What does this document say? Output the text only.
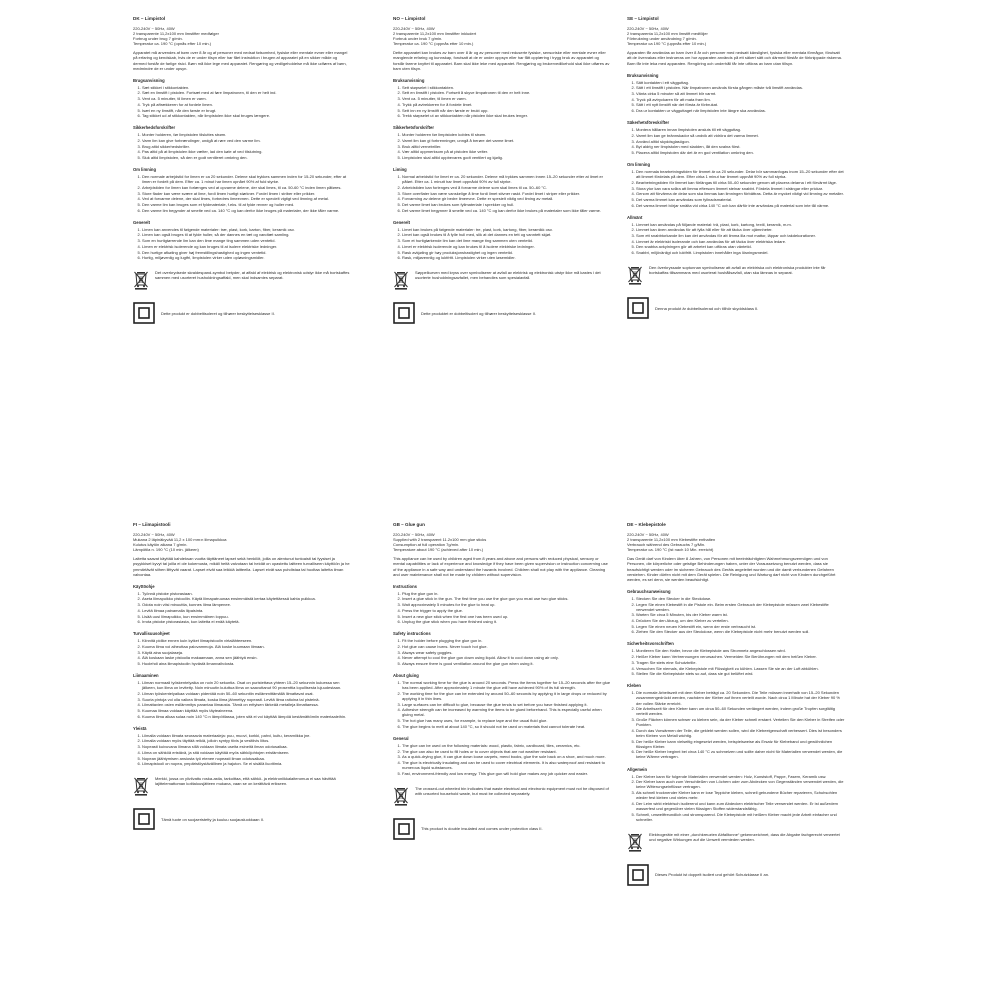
DK – Limpistol
220-240V ~ 50Hz, 40W
2 transparente 11,2x100 mm limstifter medfølger
Forbrug under brug 7 g/min.
Temperatur ca. 190 °C (opnås efter 10 min.)

Apparatet må anvendes af børn over 8 år og af personer med nedsat følsomhed, fysiske eller mentale evner eller mangel på erfaring og kendskab, hvis de er under tilsyn eller har fået instruktion i brugen af apparatet på en sikker måde og dermed forstår de farlige risici. Børn må ikke lege med apparatet. Rengøring og vedligeholdelse må ikke udføres af børn, medmindre de er under opsyn.

Brugsanvisning
1. Sæt stikket i stikkontakten.
2. Sæt en limstift i pistolen. Fortsæt med at føre limpatronen, til den er helt ind.
3. Vent ca. 5 minutter, til limen er varm.
4. Tryk på aftrækkeren for at fordele limen.
5. Isæt en ny limstift, når den første er brugt.
6. Tag stikket ud af stikkontakten, når limpistolen ikke skal bruges længere.
Sikkerhedsforskrifter
1. Monter holderen, før limpistolen tilsluttes strøm.
2. Varm lim kan give forbrændinger, undgå at røre ved den varme lim.
3. Brug altid sikkerhedsbriller.
4. Pas altid på at limpistolen ikke vælter, lad den køle af ved tilslutning.
5. Sluk altid limpistolen, så den er godt ventileret omkring den.
Om limning
1. Den normale arbejdstid for limen er ca 20 sekunder. Delene skal trykkes sammen inden for 15-20 sekunder, efter at limen er fordelt på dem. Efter ca. 1 minut har limen opnået 90% af fuld styrke.
2. Arbejdstiden for limen kan forlænges ved at opvarme delene, der skal limes, til ca. 50-60 °C inden limen påføres.
3. Store flader kan være svære at lime, fordi limen hurtigt størkner. Fordel limen i striber eller prikker.
4. Ved at forvarme delene, der skal limes, forbedres limeevnen. Dette er specielt vigtigt ved limning af metal.
5. Den varme lim kan bruges som et fyldmateriale, f.eks. til at fylde revner og huller med.
6. Den varme lim begynder at smelte ved ca. 140 °C og kan derfor ikke bruges på materialer, der ikke tåler varme.
Generelt
1. Limen kan anvendes til følgende materialer: træ, plast, kork, karton, fiber, keramik osv.
2. Limen kan også bruges til at fylde huller, så der dannes en tæt og vandtæt samling.
3. Som en hurtigtørrende lim kan den lime mange ting sammen uden ventetid.
4. Limen er elektrisk isolerende og kan bruges til at isolere elektriske ledninger.
5. Den hurtige afkøling giver høj fremstillingshastighed og ingen ventetid.
6. Hurtig, miljøvenlig og lugtfri, limpistolen virker uden opløsningsmidler.
Det overkrydsede skraldespand-symbol betyder, at affald af elektrisk og elektronisk udstyr ikke må bortskaffes sammen med usorteret husholdningsaffald, men skal indsamles separat.
Dette produkt er dobbeltisoleret og tilhører beskyttelsesklasse II.
NO – Limpistol
220-240V ~ 50Hz, 40W
2 transparente 11,2x100 mm limstifter inkludert
Forbruk under bruk 7 g/min.
Temperatur ca. 190 °C (oppnås etter 10 min.)

Dette apparatet kan brukes av barn over 8 år og av personer med reduserte fysiske, sensoriske eller mentale evner eller manglende erfaring og kunnskap, forutsatt at de er under oppsyn eller har fått opplæring i trygg bruk av apparatet og forstår farene knyttet til apparatet. Barn skal ikke leke med apparatet. Rengjøring og brukervedlikehold skal ikke utføres av barn uten tilsyn.

Bruksanvisning
1. Sett støpselet i stikkontakten.
2. Sett en limstift i pistolen. Fortsett å skyve limpatronen til den er helt inne.
3. Vent ca. 5 minutter, til limen er varm.
4. Trykk på avtrekkeren for å fordele limet.
5. Sett inn en ny limstift når den første er brukt opp.
6. Trekk støpselet ut av stikkontakten når pistolen ikke skal brukes lenger.
Sikkerhetsforskrifter
1. Monter holderen før limpistolen kobles til strøm.
2. Varmt lim kan gi forbrenninger, unngå å berøre det varme limet.
3. Bruk alltid vernebriller.
4. Vær alltid oppmerksom på at pistolen ikke velter.
5. Limpistolen skal alltid oppbevares godt ventilert og kjølig.
Liming
1. Normal arbeidstid for limet er ca. 20 sekunder. Delene må trykkes sammen innen 15–20 sekunder etter at limet er påført. Etter ca. 1 minutt har limet oppnådd 90% av full styrke.
2. Arbeidstiden kan forlenges ved å forvarme delene som skal limes til ca. 50–60 °C.
3. Store overflater kan være vanskelige å lime fordi limet stivner raskt. Fordel limet i striper eller prikker.
4. Forvarming av delene gir bedre limeevne. Dette er spesielt viktig ved liming av metall.
5. Det varme limet kan brukes som fyllmateriale i sprekker og hull.
6. Det varme limet begynner å smelte ved ca. 140 °C og kan derfor ikke brukes på materialer som ikke tåler varme.
Generelt
1. Limet kan brukes på følgende materialer: tre, plast, kork, kartong, fiber, keramikk osv.
2. Limet kan også brukes til å fylle hull med, slik at det dannes en tett og vanntett skjøt.
3. Som et hurtigtørkende lim kan det lime mange ting sammen uten ventetid.
4. Limet er elektrisk isolerende og kan brukes til å isolere elektriske ledninger.
5. Rask avkjøling gir høy produksjonshastighet og ingen ventetid.
6. Rask, miljøvennlig og luktfritt. Limpistolen virker uten løsemidler.
Søppelkurven med kryss over symboliserer at avfall av elektrisk og elektronisk utstyr ikke må kastes i det usorterte husholdningsavfallet, men behandles som spesialavfall.
Dette produktet er dobbeltisolert og tilhører beskyttelsesklasse II.
SE – Limpistol
220-240V ~ 50Hz, 40W
2 transparenta 11,2x100 mm limstift medföljer
Förbrukning under användning 7 g/min.
Temperatur ca 190 °C (uppnås efter 10 min.)

Apparaten får användas av barn över 8 år och personer med nedsatt känslighet, fysiska eller mentala förmågor, förutsatt att de övervakas eller instrueras om hur apparaten används på ett säkert sätt och därmed förstår de förknippade riskerna. Barn får inte leka med apparaten. Rengöring och underhåll får inte utföras av barn utan tillsyn.

Bruksanvisning
1. Sätt kontakten i ett vägguttag.
2. Sätt i ett limstift i pistolen. När limpatronen används första gången måste två limstift användas.
3. Vänta cirka 5 minuter så att limmet blir varmt.
4. Tryck på avtryckaren för att mata fram lim.
5. Sätt i ett nytt limstift när det första är förbrukat.
6. Dra ur kontakten ur vägguttaget när limpistolen inte längre ska användas.
Säkerhetsföreskrifter
1. Montera hållaren innan limpistolen ansluts till ett vägguttag.
2. Varmt lim kan ge brännskador så undvik att vidröra det varma limmet.
3. Använd alltid skyddsglasögon.
4. Byt aldrig ner limpistolen med sladden, låt den svalna först.
5. Placera alltid limpistolen där det är en god ventilation omkring den.
Om limning
1. Den normala bearbetningstiden för limmet är ca 20 sekunder. Delar bör sammanfogas inom 15–20 sekunder efter det att limmet fördelats på dem. Efter cirka 1 minut har limmet uppnått 90% av full styrka.
2. Bearbetningstiden för limmet kan förlängas till cirka 50–60 sekunder genom att placera delarna i ett förvärmt läge.
3. Stora ytor kan vara svåra att limma eftersom limmet stelnar snabbt. Fördela limmet i strängar eller prickar.
4. Genom att förvärma de delar som ska limmas kan limningen förbättras. Detta är mycket viktigt vid limning av metaller.
5. Det varma limmet kan användas som fyllnadsmaterial.
6. Det varma limmet börjar smälta vid cirka 140 °C och kan därför inte användas på material som inte tål värme.
Allmänt
1. Limmet kan användas på följande material: trä, plast, kork, kartong, textil, keramik, m.m.
2. Limmet kan även användas för att fylla hål eller för att täcka över ojämnheter.
3. Som ett snabbtorkande lim kan det användas för att limma illa mot mattor, läppar och takdekorationer.
4. Limmet är elektriskt isolerande och kan användas för att täcka över elektriska ledare.
5. Den snabba avkylningen gör att arbetet kan utföras utan väntetid.
6. Snabbt, miljövänligt och luktfritt. Limpistolen innehåller inga lösningsmedel.
Den överkryssade soptunnan symboliserar att avfall av elektriska och elektroniska produkter inte får bortskaffas tillsammans med osorterat hushållsavfall, utan ska lämnas in separat.
Denna produkt är dubbelisolerad och tillhör skyddsklass II.
FI – Liimapistooli
220-240V ~ 50Hz, 40W
Mukana 2 läpinäkyvää 11,2 x 100 mm:n liimapuikkoa
Kulutus käytön aikana 7 g/min.
Lämpötila n. 190 °C (10 min. jälkeen)

Laitetta saavat käyttää kahdeksan vuotta täyttäneet lapset sekä henkilöt, joilla on alentunut tuntoaisti tai fyysiset ja psyykkiset kyvyt tai joilla ei ole kokemusta, mikäli heitä valvotaan tai heidät on opastettu laitteen turvalliseen käyttöön ja he ymmärtävät siihen liittyvät vaarat. Lapset eivät saa leikkiä laitteella. Lapset eivät saa puhdistaa tai huoltaa laitetta ilman valvontaa.

Käyttöohje
1. Työnnä pistoke pistorasiaan.
2. Aseta liimapuikko pistooliin. Käytä liimapatruunaa ensimmäistä kertaa käytettäessä kahta puikkoa.
3. Odota noin viisi minuuttia, kunnes liima lämpenee.
4. Levitä liimaa painamalla liipaisinta.
5. Lisää uusi liimapuikko, kun ensimmäinen loppuu.
6. Irrota pistoke pistorasiasta, kun laitetta ei enää käytetä.
Turvallisuusohjeet
1. Kiinnitä pidike ennen kuin kytket liimapistoolin virtalähteeseen.
2. Kuuma liima voi aiheuttaa palovammoja. Älä koske kuumaan liimaan.
3. Käytä aina suojalaseja.
4. Älä koskaan laske pistoolia makaamaan, anna sen jäähtyä ensin.
5. Huolehdi aina liimapistoolin hyvästä ilmanvaihdosta.
Liimaaminen
1. Liiman normaali työskentelyaika on noin 20 sekuntia. Osat on puristettava yhteen 15–20 sekunnin kuluessa sen jälkeen, kun liima on levitetty. Noin minuutin kuluttua liima on saavuttanut 90 prosenttia lopullisesta lujuudestaan.
2. Liiman työskentelyaikaa voidaan pidentää noin 50–60 sekuntiin esilämmittämällä liimattavat osat.
3. Suuria pintoja voi olla vaikea liimata, koska liima jähmettyy nopeasti. Levitä liima raitoina tai pisteinä.
4. Liimattavien osien esilämmitys parantaa liimausta. Tämä on erityisen tärkeää metalleja liimattaessa.
5. Kuumaa liimaa voidaan käyttää myös täyteaineena.
6. Kuuma liima alkaa sulaa noin 140 °C:n lämpötilassa, joten sitä ei voi käyttää lämpöä kestämättömiin materiaaleihin.
Yleistä
1. Liimalla voidaan liimata seuraavia materiaaleja: puu, muovi, korkki, pahvi, kuitu, keramiikka jne.
2. Liimalla voidaan myös täyttää reikiä, jolloin syntyy tiivis ja vesitiivis liitos.
3. Nopeasti kuivuvana liimana sillä voidaan liimata useita esineitä ilman odotusaikaa.
4. Liima on sähköä eristävä, ja sitä voidaan käyttää myös sähköjohtojen eristämiseen.
5. Nopean jäähtymisen ansiosta työ etenee nopeasti ilman odotusaikaa.
6. Liimapistooli on nopea, ympäristöystävällinen ja hajuton. Se ei sisällä liuottimia.
Merkki, jossa on yliviivattu roska-astia, tarkoittaa, että sähkö- ja elektroniikkalaiteromua ei saa hävittää lajittelemattoman kotitalousjätteen mukana, vaan se on kerättävä erikseen.
Tämä tuote on suojaeristetty ja kuuluu suojausluokkaan II.
GB – Glue gun
220-240V ~ 50Hz, 40W
Supplied with 2 transparent 11.2x100 mm glue sticks
Consumption at full operation 7g/min.
Temperature about 190 °C (achieved after 10 min.)

This appliance can be used by children aged from 8 years and above and persons with reduced physical, sensory or mental capabilities or lack of experience and knowledge if they have been given supervision or instruction concerning use of the appliance in a safe way and understand the hazards involved. Children shall not play with the appliance. Cleaning and user maintenance shall not be made by children without supervision.

Instructions
1. Plug the glue gun in.
2. Insert a glue stick in the gun. The first time you use the glue gun you must use two glue sticks.
3. Wait approximately 5 minutes for the glue to heat up.
4. Press the trigger to apply the glue.
5. Insert a new glue stick when the first one has been used up.
6. Unplug the glue stick when you have finished using it.
Safety instructions
1. Fit the holder before plugging the glue gun in.
2. Hot glue can cause burns. Never touch hot glue.
3. Always wear safety goggles.
4. Never attempt to cool the glue gun down using liquid. Allow it to cool down using air only.
5. Always ensure there is good ventilation around the glue gun when using it.
About gluing
1. The normal working time for the glue is around 20 seconds. Press the items together for 15–20 seconds after the glue has been applied. After approximately 1 minute the glue will have achieved 90% of its full strength.
2. The working time for the glue can be extended by around 50–60 seconds by applying it in large drops or reduced by applying it in thin lines.
3. Large surfaces can be difficult to glue, because the glue tends to set before you have finished applying it.
4. Adhesive strength can be increased by warming the items to be glued beforehand. This is especially useful when gluing metal.
5. The hot glue has many uses, for example, to replace tape and the usual fluid glue.
6. The glue begins to melt at about 140 °C, so it should not be used on materials that cannot tolerate heat.
General
1. The glue can be used on the following materials: wood, plastic, fabric, cardboard, tiles, ceramics, etc.
2. The glue can also be used to fill holes or to cover objects that are not weather resistant.
3. As a quick-drying glue, it can glue down loose carpets, mend books, glue the sole back on a shoe, and much more.
4. The glue is electrically insulating and can be used to cover electrical elements. It is also waterproof and resistant to numerous liquid substances.
5. Fast, environment-friendly and low energy. This glue gun will hold glue makes any job quicker and easier.
The crossed-out wheeled bin indicates that waste electrical and electronic equipment must not be disposed of with unsorted household waste, but must be collected separately.
This product is double insulated and comes under protection class II.
DE – Klebepistole
220-240V ~ 50Hz, 40W
2 transparente 11,2x100 mm Klebestifte enthalten
Verbrauch während des Gebrauchs 7 g/Min.
Temperatur ca. 190 °C (ist nach 10 Min. erreicht)

Das Gerät darf von Kindern über 8 Jahren, von Personen mit beeinträchtigtem Wahrnehmungsvermögen und von Personen, die körperliche oder geistige Behinderungen haben, unter der Voraussetzung benutzt werden, dass sie beaufsichtigt werden oder im sicheren Gebrauch des Geräts angeleitet wurden und die damit verbundenen Gefahren verstehen. Kinder dürfen nicht mit dem Gerät spielen. Die Reinigung und Wartung darf nicht von Kindern durchgeführt werden, es sei denn, sie werden beaufsichtigt.

Gebrauchsanweisung
1. Stecken Sie den Stecker in die Steckdose.
2. Legen Sie einen Klebestift in die Pistole ein. Beim ersten Gebrauch der Klebepistole müssen zwei Klebestifte verwendet werden.
3. Warten Sie circa 5 Minuten, bis der Kleber warm ist.
4. Drücken Sie den Abzug, um den Kleber zu verteilen.
5. Legen Sie einen neuen Klebestift ein, wenn der erste verbraucht ist.
6. Ziehen Sie den Stecker aus der Steckdose, wenn die Klebepistole nicht mehr benutzt werden soll.
Sicherheitsvorschriften
1. Montieren Sie den Halter, bevor die Klebepistole ans Stromnetz angeschlossen wird.
2. Heißer Kleber kann Verbrennungen verursachen. Vermeiden Sie Berührungen mit dem heißen Kleber.
3. Tragen Sie stets eine Schutzbrille.
4. Versuchen Sie niemals, die Klebepistole mit Flüssigkeit zu kühlen. Lassen Sie sie an der Luft abkühlen.
5. Stellen Sie die Klebepistole stets so auf, dass sie gut belüftet wird.
Kleben
1. Die normale Arbeitszeit mit dem Kleber beträgt ca. 20 Sekunden. Die Teile müssen innerhalb von 15–20 Sekunden zusammengedrückt werden, nachdem der Kleber auf ihnen verteilt wurde. Nach circa 1 Minute hat der Kleber 90 % der vollen Stärke erreicht.
2. Die Arbeitszeit für den Kleber kann um circa 50–60 Sekunden verlängert werden, indem große Tropfen sorgfältig verteilt werden.
3. Große Flächen können schwer zu kleben sein, da der Kleber schnell erstarrt. Verteilen Sie den Kleber in Streifen oder Punkten.
4. Durch das Vorwärmen der Teile, die geklebt werden sollen, wird die Klebeeigenschaft verbessert. Dies ist besonders beim Kleben von Metall wichtig.
5. Der heiße Kleber kann vielseitig eingesetzt werden, beispielsweise als Ersatz für Klebeband und gewöhnlichen flüssigen Kleber.
6. Der heiße Kleber beginnt bei circa 140 °C zu schmelzen und sollte daher nicht für Materialien verwendet werden, die keine Wärme vertragen.
Allgemein
1. Der Kleber kann für folgende Materialien verwendet werden: Holz, Kunststoff, Pappe, Fasern, Keramik usw.
2. Der Kleber kann auch zum Verschließen von Löchern oder zum Abdecken von Gegenständen verwendet werden, die keine Witterungseinflüsse vertragen.
3. Als schnell trocknender Kleber kann er lose Teppiche kleben, schnell gebundene Bücher reparieren, Schuhsohlen wieder fest kleben und vieles mehr.
4. Der Leim wirkt elektrisch isolierend und kann zum Abdecken elektrischer Teile verwendet werden. Er ist außerdem wasserfest und gegenüber vielen flüssigen Stoffen widerstandsfähig.
5. Schnell, umweltfreundlich und stromsparend. Die Klebepistole mit heißem Kleber macht jede Arbeit einfacher und schneller.
Elektrogeräte mit einer „durchkreuzten Abfalltonne“ gekennzeichnet, dass die Abgabe fachgerecht verwertet und negative Wirkungen auf die Umwelt vermieden werden.
Dieses Produkt ist doppelt isoliert und gehört Schutzklasse II an.
